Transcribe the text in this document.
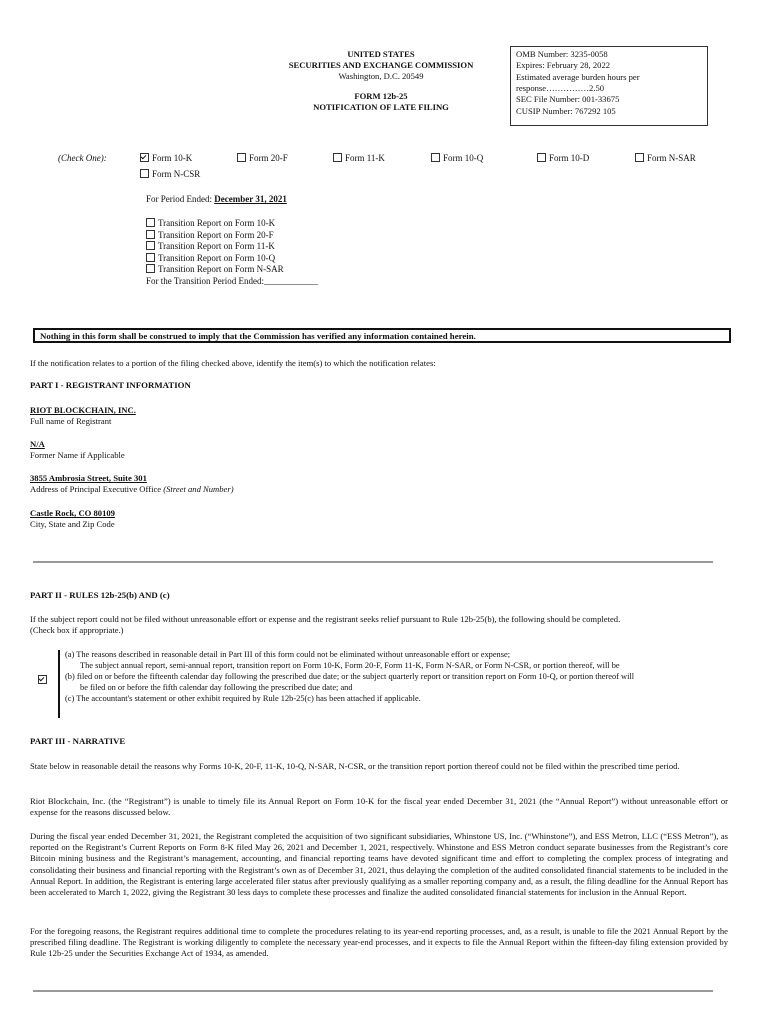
UNITED STATES
SECURITIES AND EXCHANGE COMMISSION
Washington, D.C. 20549
FORM 12b-25
NOTIFICATION OF LATE FILING
OMB Number: 3235-0058
Expires: February 28, 2022
Estimated average burden hours per
response……………2.50
SEC File Number: 001-33675
CUSIP Number: 767292 105
(Check One):	Form 10-K	Form 20-F	Form 11-K	Form 10-Q	Form 10-D	Form N-SAR
Form N-CSR
For Period Ended: December 31, 2021
Transition Report on Form 10-K
Transition Report on Form 20-F
Transition Report on Form 11-K
Transition Report on Form 10-Q
Transition Report on Form N-SAR
For the Transition Period Ended:____________
Nothing in this form shall be construed to imply that the Commission has verified any information contained herein.
If the notification relates to a portion of the filing checked above, identify the item(s) to which the notification relates:
PART I - REGISTRANT INFORMATION
RIOT BLOCKCHAIN, INC.
Full name of Registrant
N/A
Former Name if Applicable
3855 Ambrosia Street, Suite 301
Address of Principal Executive Office (Street and Number)
Castle Rock, CO 80109
City, State and Zip Code
PART II - RULES 12b-25(b) AND (c)
If the subject report could not be filed without unreasonable effort or expense and the registrant seeks relief pursuant to Rule 12b-25(b), the following should be completed.
(Check box if appropriate.)
(a) The reasons described in reasonable detail in Part III of this form could not be eliminated without unreasonable effort or expense;
The subject annual report, semi-annual report, transition report on Form 10-K, Form 20-F, Form 11-K, Form N-SAR, or Form N-CSR, or portion thereof, will be
(b) filed on or before the fifteenth calendar day following the prescribed due date; or the subject quarterly report or transition report on Form 10-Q, or portion thereof will
be filed on or before the fifth calendar day following the prescribed due date; and
(c) The accountant's statement or other exhibit required by Rule 12b-25(c) has been attached if applicable.
PART III - NARRATIVE
State below in reasonable detail the reasons why Forms 10-K, 20-F, 11-K, 10-Q, N-SAR, N-CSR, or the transition report portion thereof could not be filed within the prescribed time period.
Riot Blockchain, Inc. (the “Registrant”) is unable to timely file its Annual Report on Form 10-K for the fiscal year ended December 31, 2021 (the “Annual Report”) without unreasonable effort or expense for the reasons discussed below.
During the fiscal year ended December 31, 2021, the Registrant completed the acquisition of two significant subsidiaries, Whinstone US, Inc. (“Whinstone”), and ESS Metron, LLC (“ESS Metron”), as reported on the Registrant’s Current Reports on Form 8-K filed May 26, 2021 and December 1, 2021, respectively. Whinstone and ESS Metron conduct separate businesses from the Registrant’s core Bitcoin mining business and the Registrant’s management, accounting, and financial reporting teams have devoted significant time and effort to completing the complex process of integrating and consolidating their business and financial reporting with the Registrant’s own as of December 31, 2021, thus delaying the completion of the audited consolidated financial statements to be included in the Annual Report. In addition, the Registrant is entering large accelerated filer status after previously qualifying as a smaller reporting company and, as a result, the filing deadline for the Annual Report has been accelerated to March 1, 2022, giving the Registrant 30 less days to complete these processes and finalize the audited consolidated financial statements for inclusion in the Annual Report.
For the foregoing reasons, the Registrant requires additional time to complete the procedures relating to its year-end reporting processes, and, as a result, is unable to file the 2021 Annual Report by the prescribed filing deadline. The Registrant is working diligently to complete the necessary year-end processes, and it expects to file the Annual Report within the fifteen-day filing extension provided by Rule 12b-25 under the Securities Exchange Act of 1934, as amended.
